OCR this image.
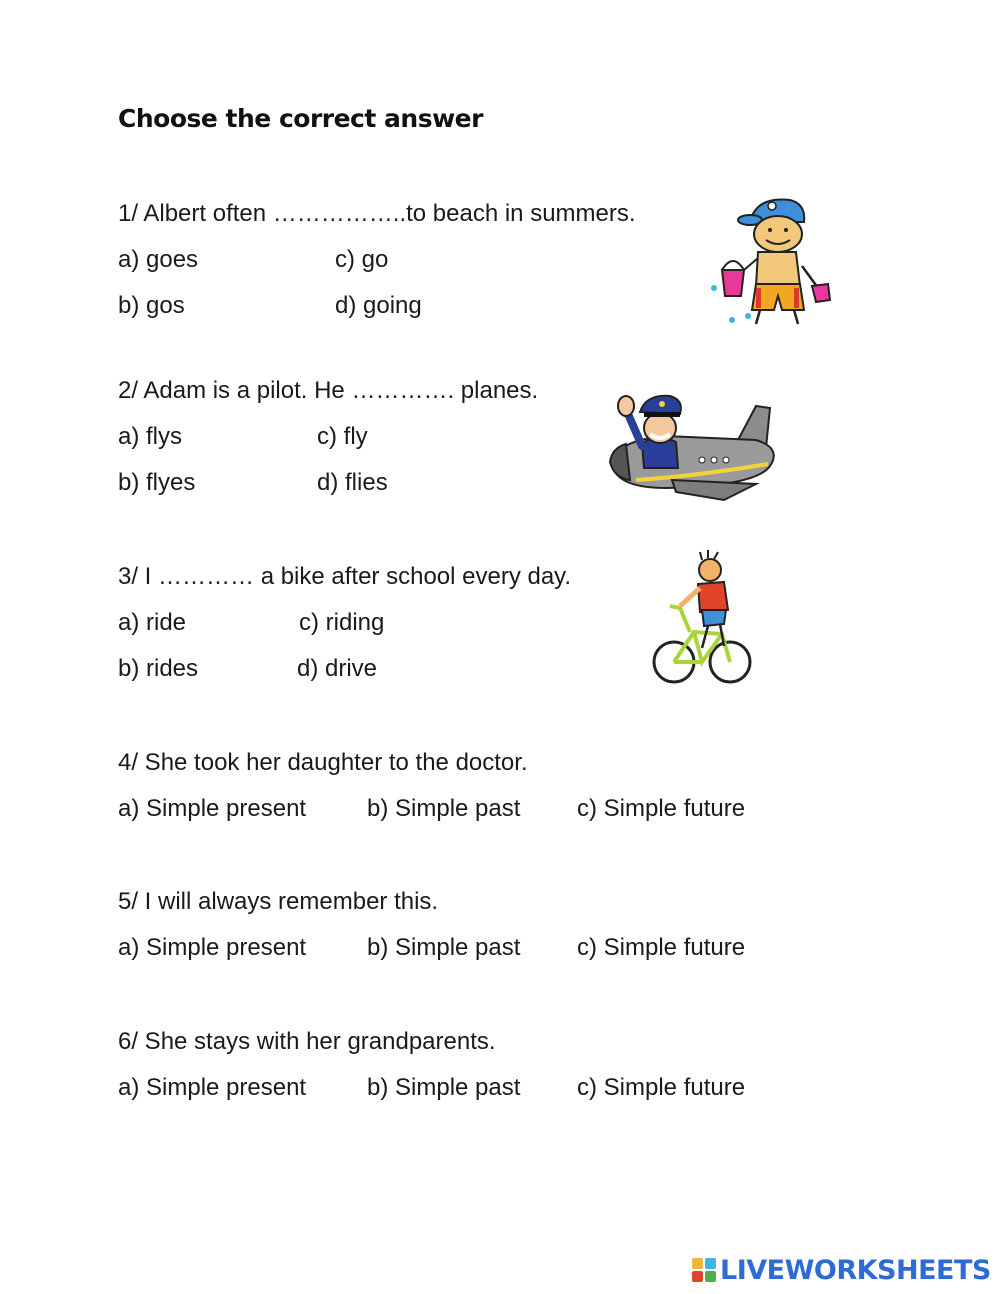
Choose the correct answer
1/ Albert often ……………..to beach in summers.
a) goes	c) go
b) gos	d) going
2/ Adam is a pilot. He …………. planes.
a) flys	c) fly
b) flyes	d) flies
3/ I ………… a bike after school every day.
a) ride	c) riding
b) rides	d) drive
4/ She took her daughter to the doctor.
a) Simple present	b) Simple past c) Simple future
5/ I will always remember this.
a) Simple present	b) Simple past c) Simple future
6/ She stays with her grandparents.
a) Simple present	b) Simple past c) Simple future
LIVEWORKSHEETS
